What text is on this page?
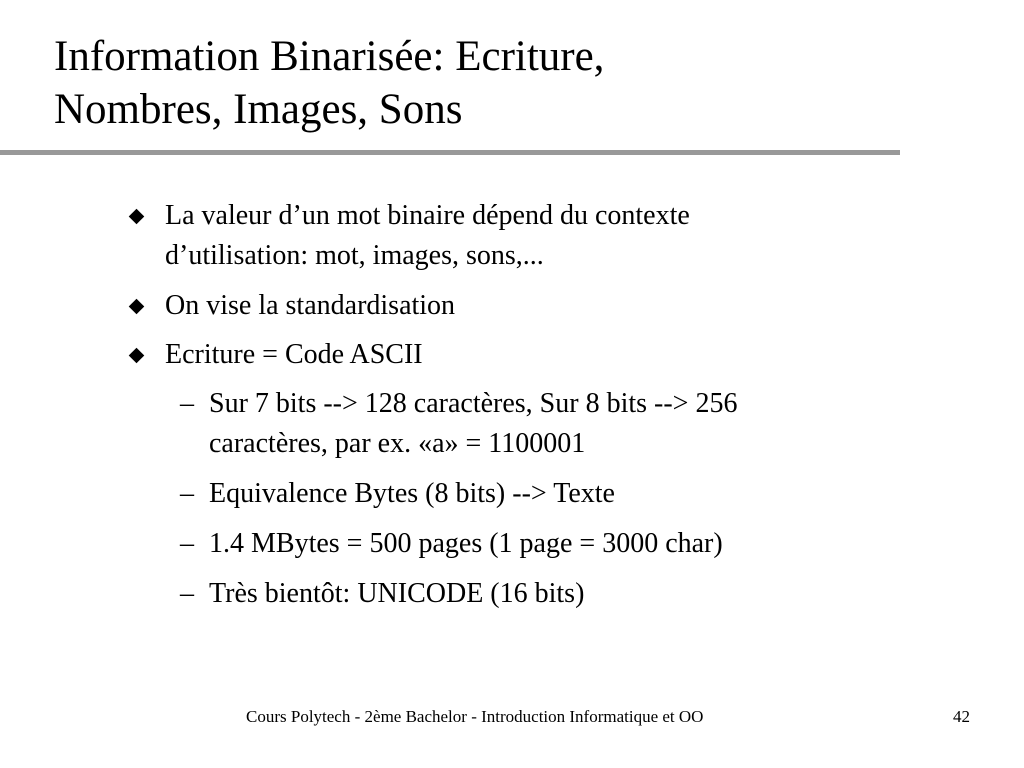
Information Binarisée: Ecriture,
Nombres, Images, Sons
La valeur d’un mot binaire dépend du contexte
d’utilisation: mot, images, sons,...
On vise la standardisation
Ecriture = Code ASCII
– Sur 7 bits --> 128 caractères, Sur 8 bits --> 256
caractères, par ex. «a» = 1100001
– Equivalence Bytes (8 bits) --> Texte
– 1.4 MBytes = 500 pages (1 page = 3000 char)
– Très bientôt: UNICODE (16 bits)
Cours Polytech - 2ème Bachelor - Introduction Informatique et OO	42
